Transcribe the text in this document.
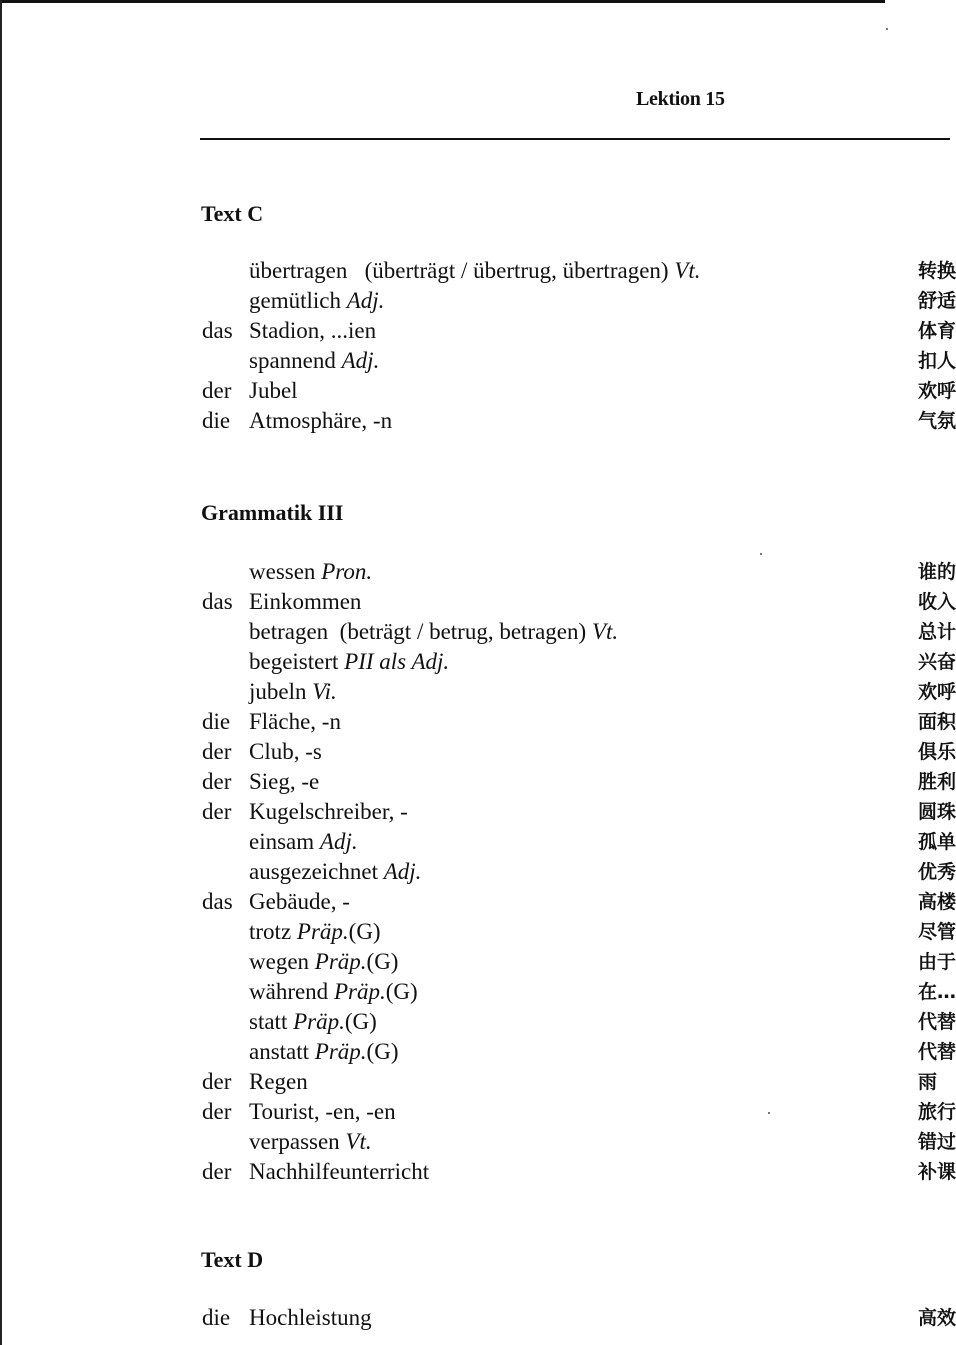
Lektion 15
Text C
übertragen   (überträgt / übertrug, übertragen) Vt.	转换
gemütlich Adj.	舒适
das Stadion, ...ien	体育
spannend Adj.	扣人
der Jubel	欢呼
die Atmosphäre, -n	气氛
Grammatik III
wessen Pron.	谁的
das Einkommen	收入
betragen  (beträgt / betrug, betragen) Vt.	总计
begeistert PII als Adj.	兴奋
jubeln Vi.	欢呼
die Fläche, -n	面积
der Club, -s	俱乐
der Sieg, -e	胜利
der Kugelschreiber, -	圆珠
einsam Adj.	孤单
ausgezeichnet Adj.	优秀
das Gebäude, -	高楼
trotz Präp.(G)	尽管
wegen Präp.(G)	由于
während Präp.(G)	在…
statt Präp.(G)	代替
anstatt Präp.(G)	代替
der Regen	雨
der Tourist, -en, -en	旅行
verpassen Vt.	错过
der Nachhilfeunterricht	补课
Text D
die Hochleistung	高效
